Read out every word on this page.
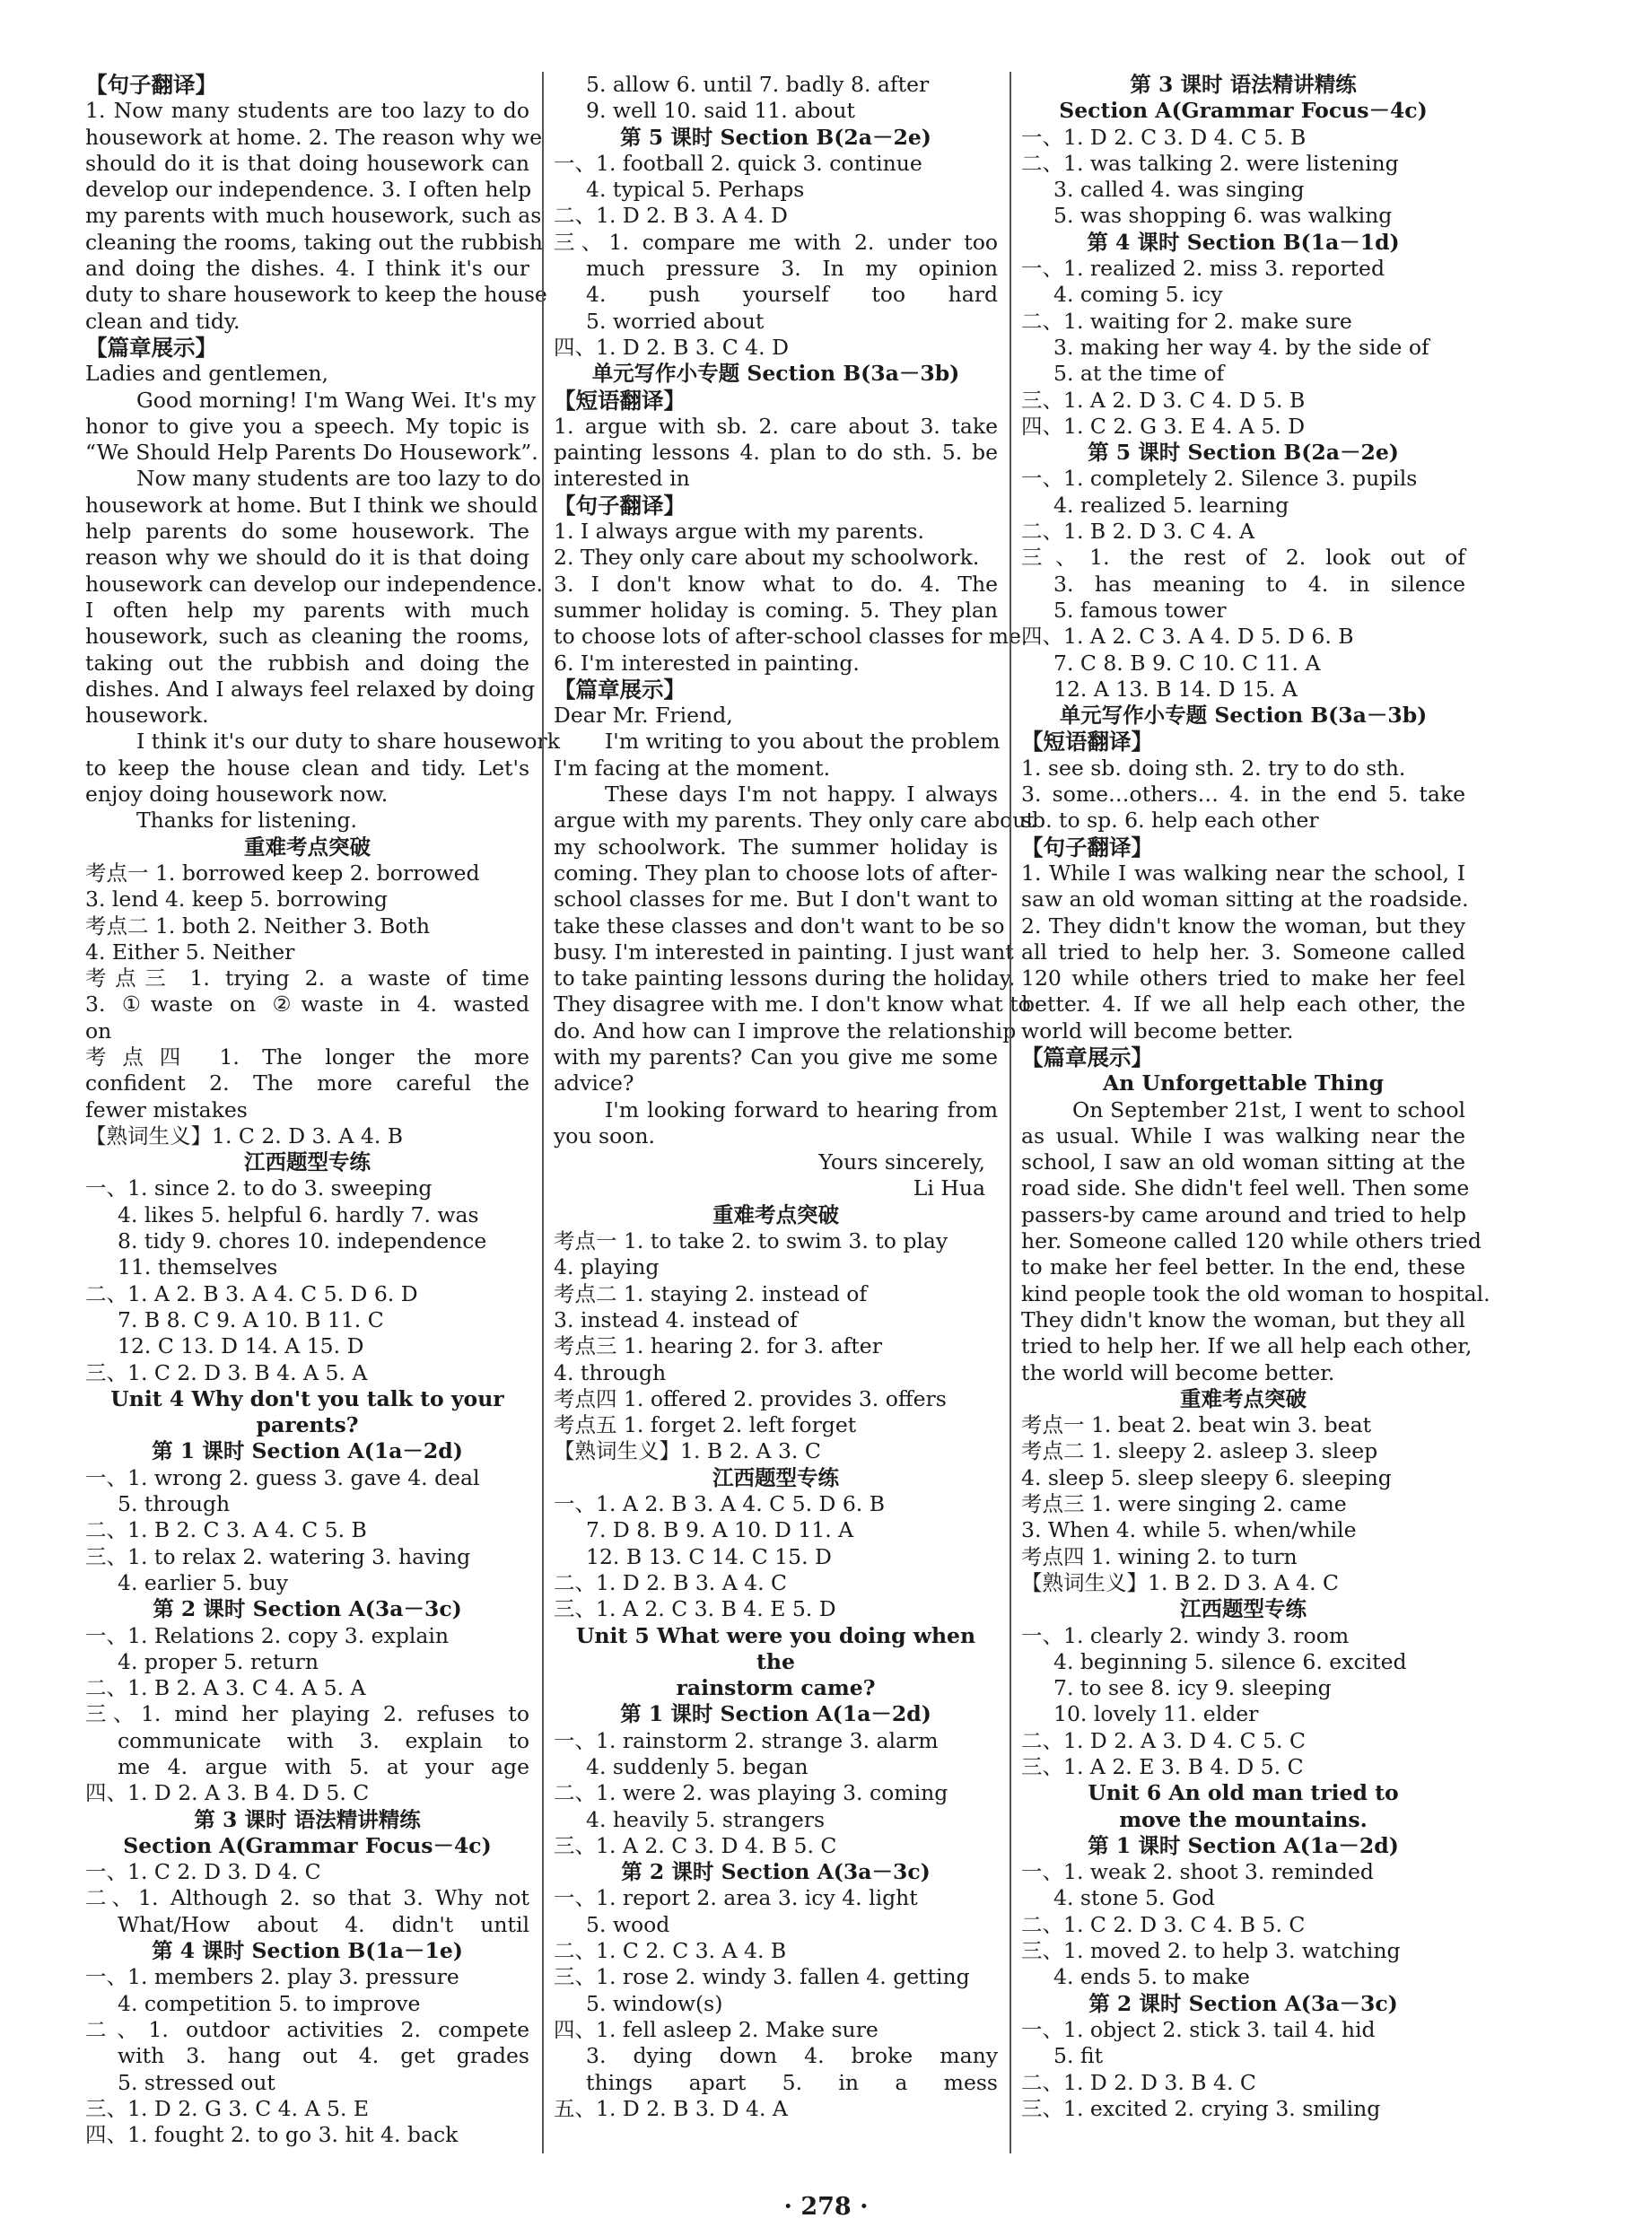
【句子翻译】
1. Now many students are too lazy to do
housework at home. 2. The reason why we
should do it is that doing housework can
develop our independence. 3. I often help
my parents with much housework, such as
cleaning the rooms, taking out the rubbish
and doing the dishes. 4. I think it's our
duty to share housework to keep the house
clean and tidy.
【篇章展示】
Ladies and gentlemen,
Good morning! I'm Wang Wei. It's my
honor to give you a speech. My topic is
“We Should Help Parents Do Housework”.
Now many students are too lazy to do
housework at home. But I think we should
help parents do some housework. The
reason why we should do it is that doing
housework can develop our independence.
I often help my parents with much
housework, such as cleaning the rooms,
taking out the rubbish and doing the
dishes. And I always feel relaxed by doing
housework.
I think it's our duty to share housework
to keep the house clean and tidy. Let's
enjoy doing housework now.
Thanks for listening.
重难考点突破
考点一 1. borrowed keep 2. borrowed
3. lend 4. keep 5. borrowing
考点二 1. both 2. Neither 3. Both
4. Either 5. Neither
考点三 1. trying 2. a waste of time
3. ①waste on ②waste in 4. wasted
on
考点四 1. The longer the more
confident 2. The more careful the
fewer mistakes
【熟词生义】1. C 2. D 3. A 4. B
江西题型专练
一、1. since 2. to do 3. sweeping
4. likes 5. helpful 6. hardly 7. was
8. tidy 9. chores 10. independence
11. themselves
二、1. A 2. B 3. A 4. C 5. D 6. D
7. B 8. C 9. A 10. B 11. C
12. C 13. D 14. A 15. D
三、1. C 2. D 3. B 4. A 5. A
Unit 4 Why don't you talk to your parents?
第 1 课时 Section A(1a－2d)
一、1. wrong 2. guess 3. gave 4. deal
5. through
二、1. B 2. C 3. A 4. C 5. B
三、1. to relax 2. watering 3. having
4. earlier 5. buy
第 2 课时 Section A(3a－3c)
一、1. Relations 2. copy 3. explain
4. proper 5. return
二、1. B 2. A 3. C 4. A 5. A
三、1. mind her playing 2. refuses to
communicate with 3. explain to
me 4. argue with 5. at your age
四、1. D 2. A 3. B 4. D 5. C
第 3 课时 语法精讲精练
Section A(Grammar Focus－4c)
一、1. C 2. D 3. D 4. C
二、1. Although 2. so that 3. Why not
What/How about 4. didn't until
第 4 课时 Section B(1a－1e)
一、1. members 2. play 3. pressure
4. competition 5. to improve
二、1. outdoor activities 2. compete
with 3. hang out 4. get grades
5. stressed out
三、1. D 2. G 3. C 4. A 5. E
四、1. fought 2. to go 3. hit 4. back
5. allow 6. until 7. badly 8. after
9. well 10. said 11. about
第 5 课时 Section B(2a－2e)
一、1. football 2. quick 3. continue
4. typical 5. Perhaps
二、1. D 2. B 3. A 4. D
三、1. compare me with 2. under too
much pressure 3. In my opinion
4. push yourself too hard
5. worried about
四、1. D 2. B 3. C 4. D
单元写作小专题 Section B(3a－3b)
【短语翻译】
1. argue with sb. 2. care about 3. take
painting lessons 4. plan to do sth. 5. be
interested in
【句子翻译】
1. I always argue with my parents.
2. They only care about my schoolwork.
3. I don't know what to do. 4. The
summer holiday is coming. 5. They plan
to choose lots of after-school classes for me.
6. I'm interested in painting.
【篇章展示】
Dear Mr. Friend,
I'm writing to you about the problem
I'm facing at the moment.
These days I'm not happy. I always
argue with my parents. They only care about
my schoolwork. The summer holiday is
coming. They plan to choose lots of after-
school classes for me. But I don't want to
take these classes and don't want to be so
busy. I'm interested in painting. I just want
to take painting lessons during the holiday.
They disagree with me. I don't know what to
do. And how can I improve the relationship
with my parents? Can you give me some
advice?
I'm looking forward to hearing from
you soon.
Yours sincerely,
Li Hua
重难考点突破
考点一 1. to take 2. to swim 3. to play
4. playing
考点二 1. staying 2. instead of
3. instead 4. instead of
考点三 1. hearing 2. for 3. after
4. through
考点四 1. offered 2. provides 3. offers
考点五 1. forget 2. left forget
【熟词生义】1. B 2. A 3. C
江西题型专练
一、1. A 2. B 3. A 4. C 5. D 6. B
7. D 8. B 9. A 10. D 11. A
12. B 13. C 14. C 15. D
二、1. D 2. B 3. A 4. C
三、1. A 2. C 3. B 4. E 5. D
Unit 5 What were you doing when the
rainstorm came?
第 1 课时 Section A(1a－2d)
一、1. rainstorm 2. strange 3. alarm
4. suddenly 5. began
二、1. were 2. was playing 3. coming
4. heavily 5. strangers
三、1. A 2. C 3. D 4. B 5. C
第 2 课时 Section A(3a－3c)
一、1. report 2. area 3. icy 4. light
5. wood
二、1. C 2. C 3. A 4. B
三、1. rose 2. windy 3. fallen 4. getting
5. window(s)
四、1. fell asleep 2. Make sure
3. dying down 4. broke many
things apart 5. in a mess
五、1. D 2. B 3. D 4. A
第 3 课时 语法精讲精练
Section A(Grammar Focus－4c)
一、1. D 2. C 3. D 4. C 5. B
二、1. was talking 2. were listening
3. called 4. was singing
5. was shopping 6. was walking
第 4 课时 Section B(1a－1d)
一、1. realized 2. miss 3. reported
4. coming 5. icy
二、1. waiting for 2. make sure
3. making her way 4. by the side of
5. at the time of
三、1. A 2. D 3. C 4. D 5. B
四、1. C 2. G 3. E 4. A 5. D
第 5 课时 Section B(2a－2e)
一、1. completely 2. Silence 3. pupils
4. realized 5. learning
二、1. B 2. D 3. C 4. A
三、1. the rest of 2. look out of
3. has meaning to 4. in silence
5. famous tower
四、1. A 2. C 3. A 4. D 5. D 6. B
7. C 8. B 9. C 10. C 11. A
12. A 13. B 14. D 15. A
单元写作小专题 Section B(3a－3b)
【短语翻译】
1. see sb. doing sth. 2. try to do sth.
3. some…others… 4. in the end 5. take
sb. to sp. 6. help each other
【句子翻译】
1. While I was walking near the school, I
saw an old woman sitting at the roadside.
2. They didn't know the woman, but they
all tried to help her. 3. Someone called
120 while others tried to make her feel
better. 4. If we all help each other, the
world will become better.
【篇章展示】
An Unforgettable Thing
On September 21st, I went to school
as usual. While I was walking near the
school, I saw an old woman sitting at the
road side. She didn't feel well. Then some
passers-by came around and tried to help
her. Someone called 120 while others tried
to make her feel better. In the end, these
kind people took the old woman to hospital.
They didn't know the woman, but they all
tried to help her. If we all help each other,
the world will become better.
重难考点突破
考点一 1. beat 2. beat win 3. beat
考点二 1. sleepy 2. asleep 3. sleep
4. sleep 5. sleep sleepy 6. sleeping
考点三 1. were singing 2. came
3. When 4. while 5. when/while
考点四 1. wining 2. to turn
【熟词生义】1. B 2. D 3. A 4. C
江西题型专练
一、1. clearly 2. windy 3. room
4. beginning 5. silence 6. excited
7. to see 8. icy 9. sleeping
10. lovely 11. elder
二、1. D 2. A 3. D 4. C 5. C
三、1. A 2. E 3. B 4. D 5. C
Unit 6 An old man tried to
move the mountains.
第 1 课时 Section A(1a－2d)
一、1. weak 2. shoot 3. reminded
4. stone 5. God
二、1. C 2. D 3. C 4. B 5. C
三、1. moved 2. to help 3. watching
4. ends 5. to make
第 2 课时 Section A(3a－3c)
一、1. object 2. stick 3. tail 4. hid
5. fit
二、1. D 2. D 3. B 4. C
三、1. excited 2. crying 3. smiling
· 278 ·
